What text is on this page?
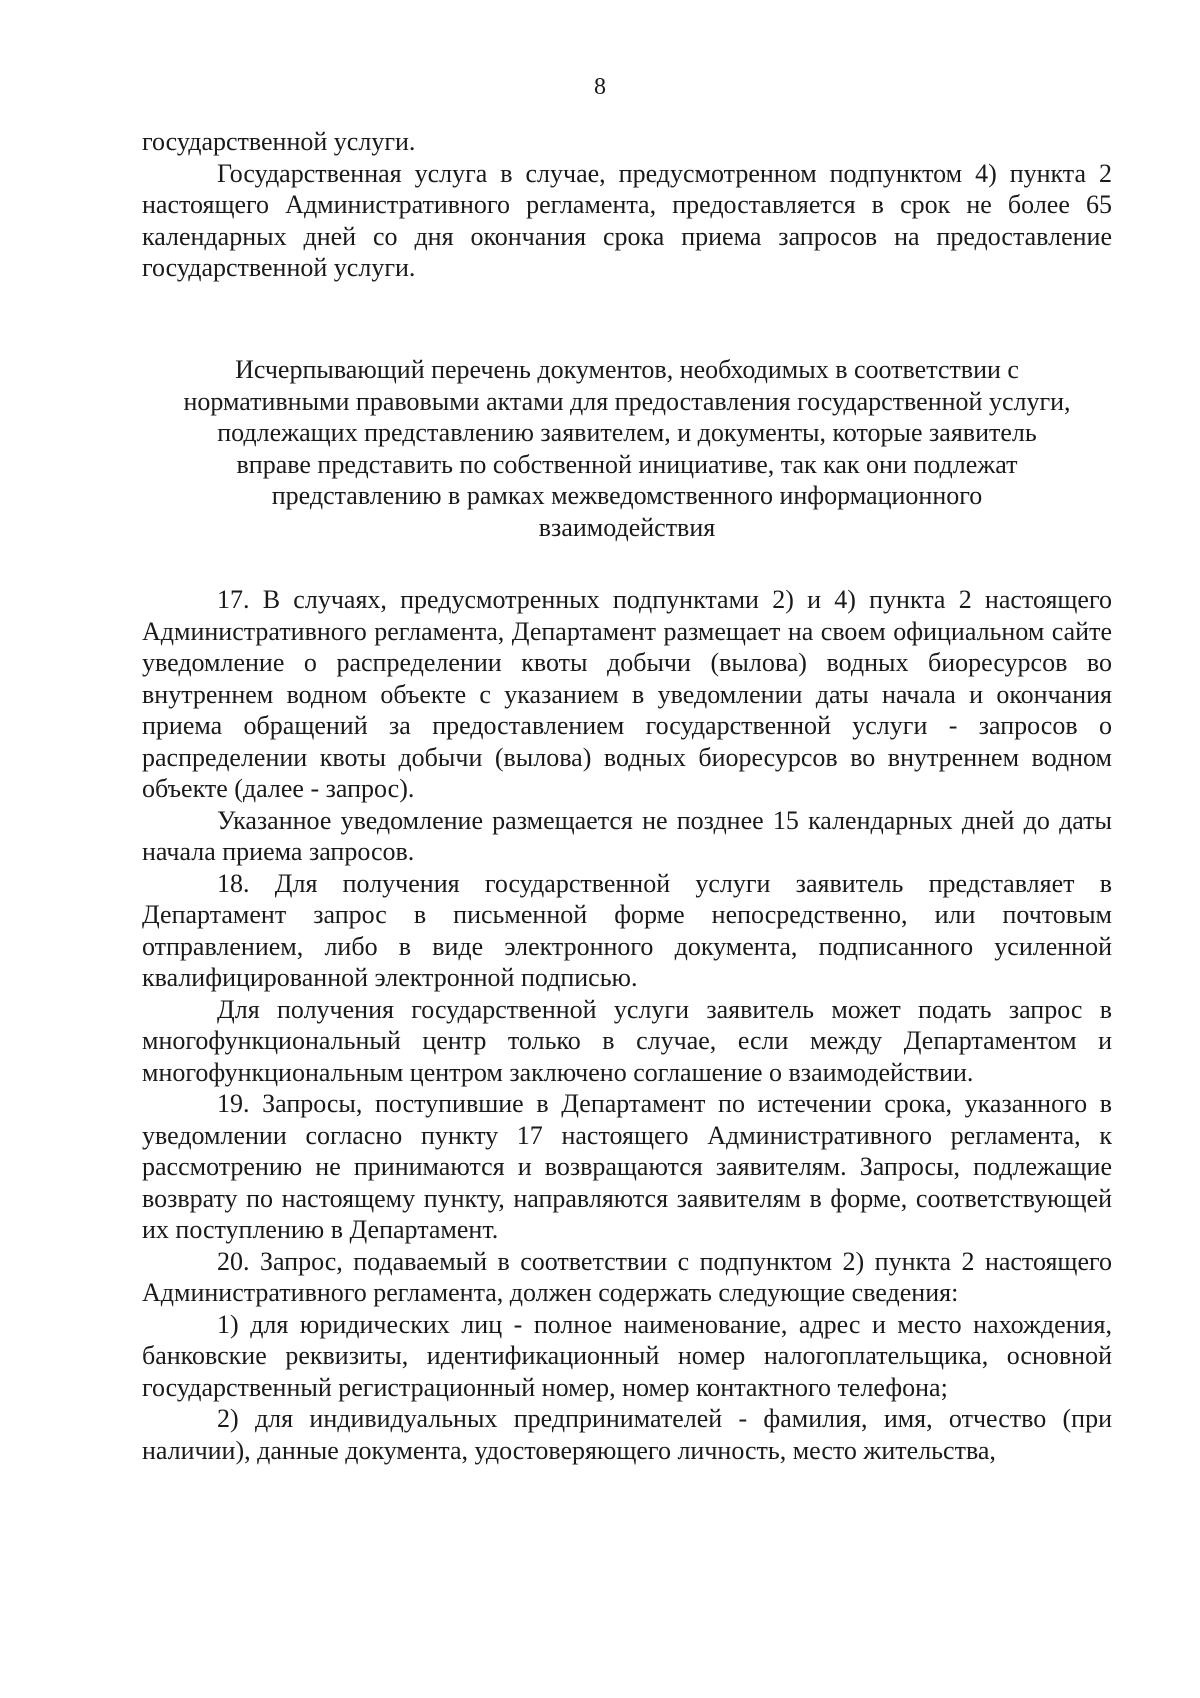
8

государственной услуги.

Государственная услуга в случае, предусмотренном подпунктом 4) пункта 2 настоящего Административного регламента, предоставляется в срок не более 65 календарных дней со дня окончания срока приема запросов на предоставление государственной услуги.

Исчерпывающий перечень документов, необходимых в соответствии с
нормативными правовыми актами для предоставления государственной услуги,
подлежащих представлению заявителем, и документы, которые заявитель
вправе представить по собственной инициативе, так как они подлежат
представлению в рамках межведомственного информационного
взаимодействия

17. В случаях, предусмотренных подпунктами 2) и 4) пункта 2 настоящего Административного регламента, Департамент размещает на своем официальном сайте уведомление о распределении квоты добычи (вылова) водных биоресурсов во внутреннем водном объекте с указанием в уведомлении даты начала и окончания приема обращений за предоставлением государственной услуги - запросов о распределении квоты добычи (вылова) водных биоресурсов во внутреннем водном объекте (далее - запрос).

Указанное уведомление размещается не позднее 15 календарных дней до даты начала приема запросов.

18. Для получения государственной услуги заявитель представляет в Департамент запрос в письменной форме непосредственно, или почтовым отправлением, либо в виде электронного документа, подписанного усиленной квалифицированной электронной подписью.

Для получения государственной услуги заявитель может подать запрос в многофункциональный центр только в случае, если между Департаментом и многофункциональным центром заключено соглашение о взаимодействии.

19. Запросы, поступившие в Департамент по истечении срока, указанного в уведомлении согласно пункту 17 настоящего Административного регламента, к рассмотрению не принимаются и возвращаются заявителям. Запросы, подлежащие возврату по настоящему пункту, направляются заявителям в форме, соответствующей их поступлению в Департамент.

20. Запрос, подаваемый в соответствии с подпунктом 2) пункта 2 настоящего Административного регламента, должен содержать следующие сведения:

1) для юридических лиц - полное наименование, адрес и место нахождения, банковские реквизиты, идентификационный номер налогоплательщика, основной государственный регистрационный номер, номер контактного телефона;

2) для индивидуальных предпринимателей - фамилия, имя, отчество (при наличии), данные документа, удостоверяющего личность, место жительства,
